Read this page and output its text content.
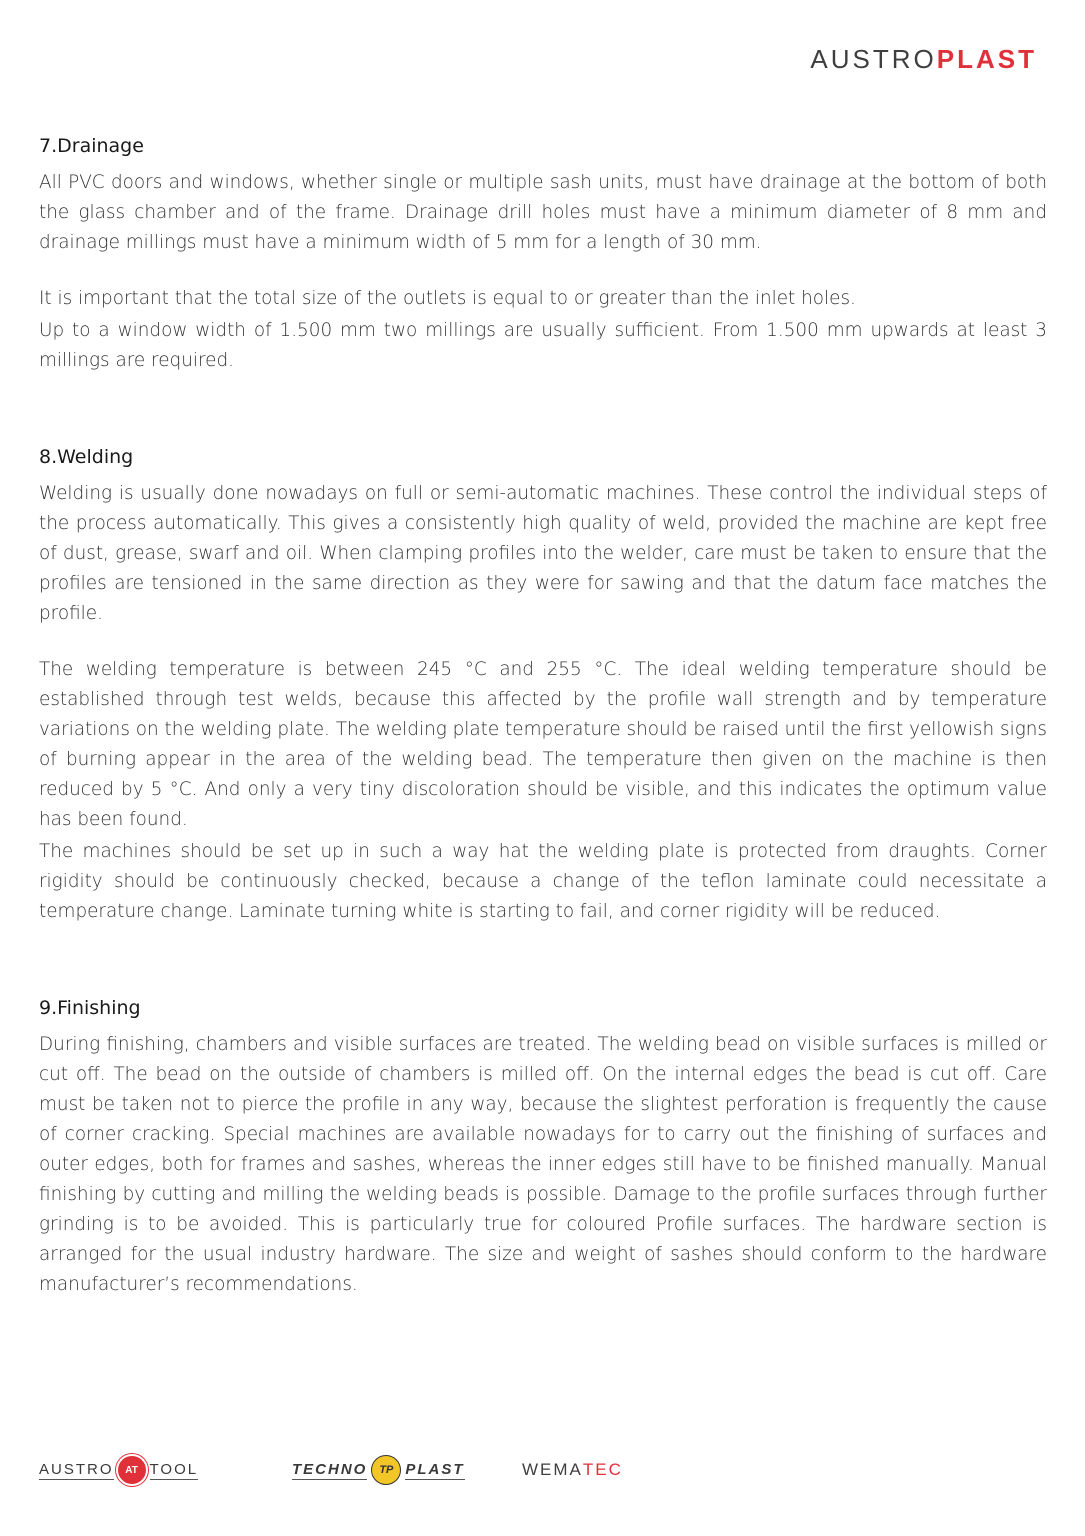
AUSTROPLAST
7.Drainage

All PVC doors and windows, whether single or multiple sash units, must have drainage at the bottom of both the glass chamber and of the frame. Drainage drill holes must have a minimum diameter of 8 mm and drainage millings must have a minimum width of 5 mm for a length of 30 mm.

It is important that the total size of the outlets is equal to or greater than the inlet holes.

Up to a window width of 1.500 mm two millings are usually sufficient. From 1.500 mm upwards at least 3 millings are required.

8.Welding

Welding is usually done nowadays on full or semi-automatic machines. These control the individual steps of the process automatically. This gives a consistently high quality of weld, provided the machine are kept free of dust, grease, swarf and oil. When clamping profiles into the welder, care must be taken to ensure that the profiles are tensioned in the same direction as they were for sawing and that the datum face matches the profile.

The welding temperature is between 245 °C and 255 °C. The ideal welding temperature should be established through test welds, because this affected by the profile wall strength and by temperature variations on the welding plate. The welding plate temperature should be raised until the first yellowish signs of burning appear in the area of the welding bead. The temperature then given on the machine is then reduced by 5 °C. And only a very tiny discoloration should be visible, and this indicates the optimum value has been found.

The machines should be set up in such a way hat the welding plate is protected from draughts. Corner rigidity should be continuously checked, because a change of the teflon laminate could necessitate a temperature change. Laminate turning white is starting to fail, and corner rigidity will be reduced.

9.Finishing

During finishing, chambers and visible surfaces are treated. The welding bead on visible surfaces is milled or cut off. The bead on the outside of chambers is milled off. On the internal edges the bead is cut off. Care must be taken not to pierce the profile in any way, because the slightest perforation is frequently the cause of corner cracking. Special machines are available nowadays for to carry out the finishing of surfaces and outer edges, both for frames and sashes, whereas the inner edges still have to be finished manually. Manual finishing by cutting and milling the welding beads is possible. Damage to the profile surfaces through further grinding is to be avoided. This is particularly true for coloured Profile surfaces. The hardware section is arranged for the usual industry hardware. The size and weight of sashes should conform to the hardware manufacturer’s recommendations.

AUSTRO	AT TOOL	TECHNO	TP PLAST	WEMA TEC
